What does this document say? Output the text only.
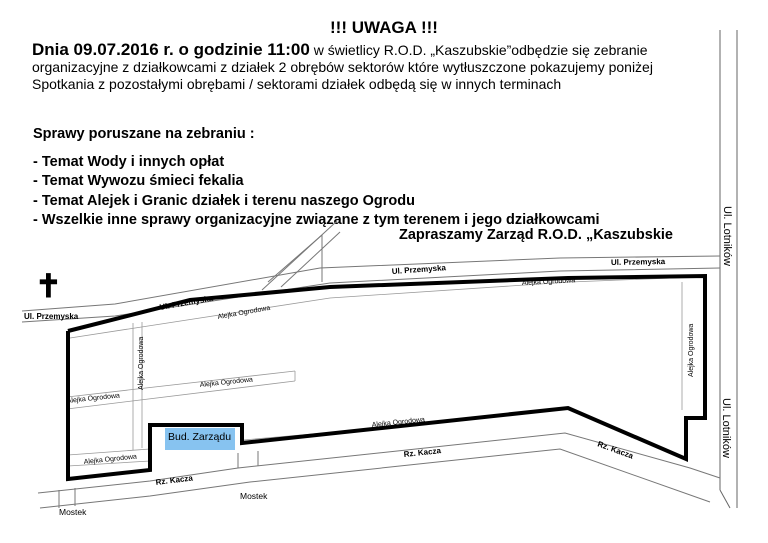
!!! UWAGA !!!
Dnia 09.07.2016 r. o godzinie 11:00 w świetlicy R.O.D. „Kaszubskie”odbędzie się zebranie organizacyjne z działkowcami z działek 2 obrębów sektorów które wytłuszczone pokazujemy poniżej Spotkania z pozostałymi obrębami / sektorami działek odbędą się w innych terminach
Sprawy poruszane na zebraniu :
- Temat Wody i innych opłat
- Temat Wywozu śmieci fekalia
- Temat Alejek i Granic działek i terenu naszego Ogrodu
- Wszelkie inne sprawy organizacyjne związane z tym terenem i jego działkowcami
Zapraszamy Zarząd R.O.D. „Kaszubskie
✝
Ul. Przemyska
Ul. Przemyska
Ul. Przemyska
Ul. Przemyska	Ul. Lotników
Ul. Lotników
Alejka Ogrodowa
Alejka Ogrodowa
Alejka Ogrodowa
Alejka Ogrodowa
Alejka Ogrodowa
Alejka Ogrodowa
Alejka Ogrodowa
Alejka Ogrodowa
Rz. Kacza
Rz. Kacza	Rz. Kacza
Mostek
Mostek
Bud. Zarządu
